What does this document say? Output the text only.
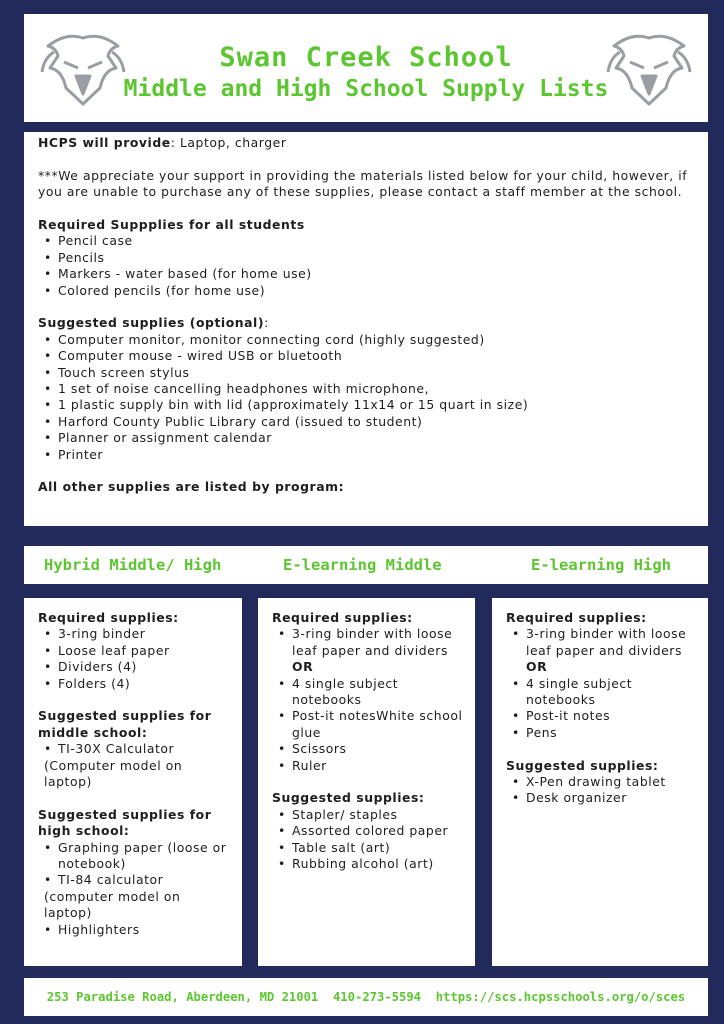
Swan Creek School
Middle and High School Supply Lists

HCPS will provide: Laptop, charger

***We appreciate your support in providing the materials listed below for your child, however, if you are unable to purchase any of these supplies, please contact a staff member at the school.

Required Suppplies for all students

• Pencil case
• Pencils
• Markers - water based (for home use)
• Colored pencils (for home use)

Suggested supplies (optional):

• Computer monitor, monitor connecting cord (highly suggested)
• Computer mouse - wired USB or bluetooth
• Touch screen stylus
• 1 set of noise cancelling headphones with microphone,
• 1 plastic supply bin with lid (approximately 11x14 or 15 quart in size)
• Harford County Public Library card (issued to student)
• Planner or assignment calendar
• Printer

All other supplies are listed by program:

Hybrid Middle/ High	E-learning Middle	E-learning High
Required supplies:
• 3-ring binder
• Loose leaf paper
• Dividers (4)
• Folders (4)
Suggested supplies for middle school:
• TI-30X Calculator
(Computer model on laptop)
Suggested supplies for high school:
• Graphing paper (loose or notebook)
• TI-84 calculator
(computer model on laptop)
• Highlighters
Required supplies:
• 3-ring binder with loose leaf paper and dividers
OR
• 4 single subject notebooks
• Post-it notesWhite school glue
• Scissors
• Ruler
Suggested supplies:
• Stapler/ staples
• Assorted colored paper
• Table salt (art)
• Rubbing alcohol (art)
Required supplies:
• 3-ring binder with loose leaf paper and dividers
OR
• 4 single subject notebooks
• Post-it notes
• Pens
Suggested supplies:
• X-Pen drawing tablet
• Desk organizer
253 Paradise Road, Aberdeen, MD 21001 410-273-5594 https://scs.hcpsschools.org/o/sces
